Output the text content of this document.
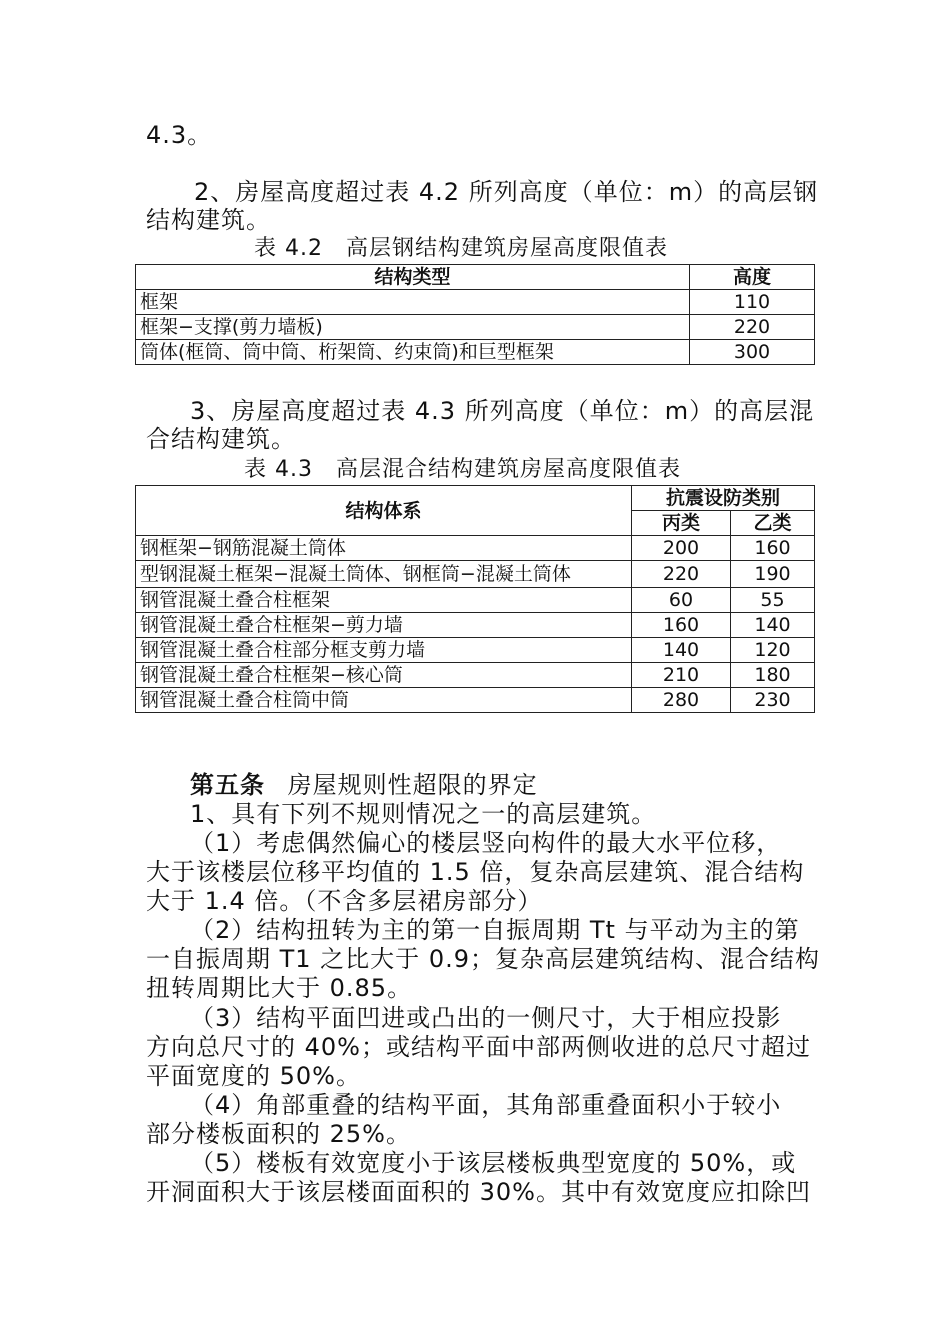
4.3。
2、房屋高度超过表 4.2 所列高度（单位：m）的高层钢
结构建筑。
表 4.2　高层钢结构建筑房屋高度限值表
结构类型	高度
框架	110
框架−支撑(剪力墙板)	220
筒体(框筒、筒中筒、桁架筒、约束筒)和巨型框架	300
3、房屋高度超过表 4.3 所列高度（单位：m）的高层混
合结构建筑。
表 4.3　高层混合结构建筑房屋高度限值表
结构体系	抗震设防类别	
	丙类	乙类
钢框架−钢筋混凝土筒体	200	160
型钢混凝土框架−混凝土筒体、钢框筒−混凝土筒体	220	190
钢管混凝土叠合柱框架	60	55
钢管混凝土叠合柱框架−剪力墙	160	140
钢管混凝土叠合柱部分框支剪力墙	140	120
钢管混凝土叠合柱框架−核心筒	210	180
钢管混凝土叠合柱筒中筒	280	230
第五条 房屋规则性超限的界定
1、具有下列不规则情况之一的高层建筑。
（1）考虑偶然偏心的楼层竖向构件的最大水平位移，
大于该楼层位移平均值的 1.5 倍，复杂高层建筑、混合结构
大于 1.4 倍。（不含多层裙房部分）
（2）结构扭转为主的第一自振周期 Tt 与平动为主的第
一自振周期 T1 之比大于 0.9；复杂高层建筑结构、混合结构
扭转周期比大于 0.85。
（3）结构平面凹进或凸出的一侧尺寸，大于相应投影
方向总尺寸的 40%；或结构平面中部两侧收进的总尺寸超过
平面宽度的 50%。
（4）角部重叠的结构平面，其角部重叠面积小于较小
部分楼板面积的 25%。
（5）楼板有效宽度小于该层楼板典型宽度的 50%，或
开洞面积大于该层楼面面积的 30%。其中有效宽度应扣除凹
